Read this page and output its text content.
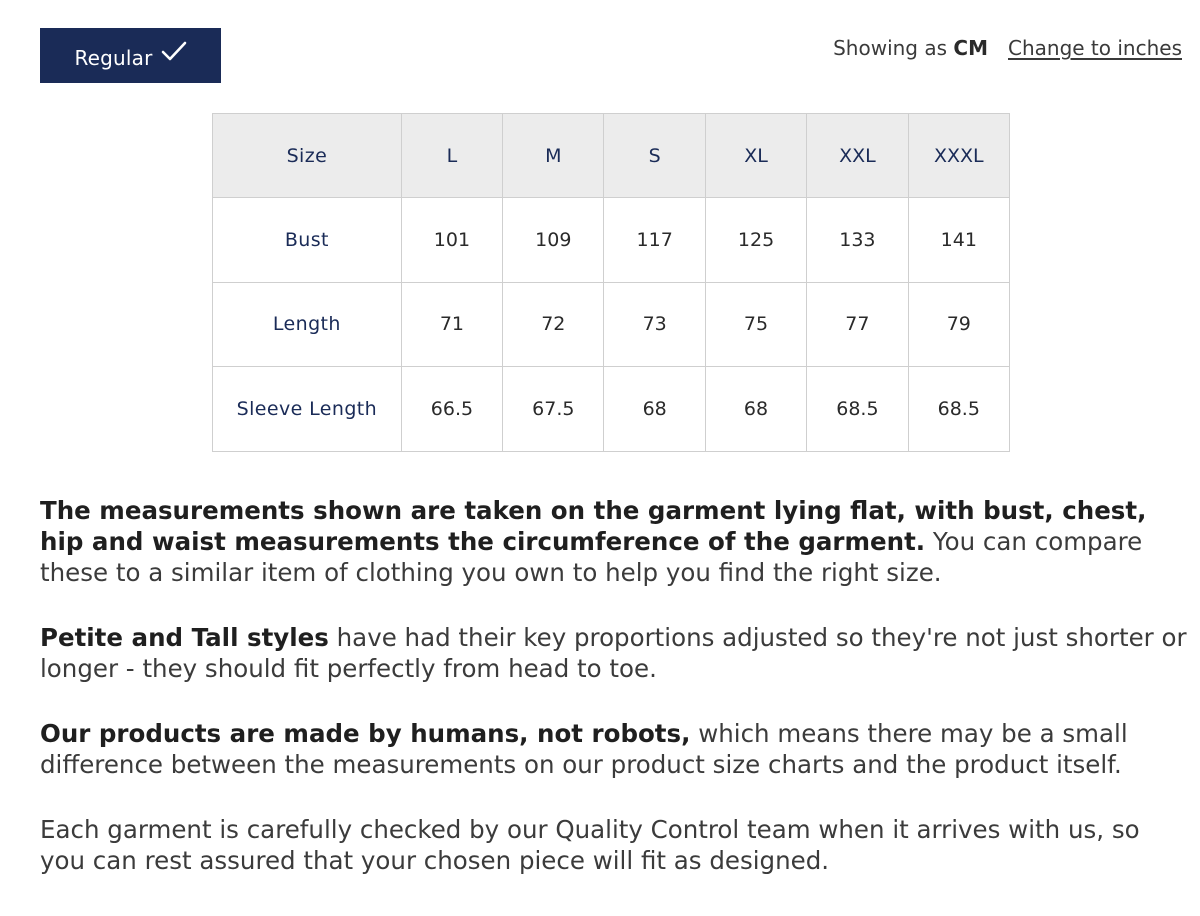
Regular	Showing as CM Change to inches
Size	L	M	S	XL	XXL	XXXL
Bust	101	109	117	125	133	141
Length	71	72	73	75	77	79
Sleeve Length	66.5	67.5	68	68	68.5	68.5

The measurements shown are taken on the garment lying flat, with bust, chest, hip and waist measurements the circumference of the garment. You can compare these to a similar item of clothing you own to help you find the right size.

Petite and Tall styles have had their key proportions adjusted so they're not just shorter or longer - they should fit perfectly from head to toe.

Our products are made by humans, not robots, which means there may be a small difference between the measurements on our product size charts and the product itself.

Each garment is carefully checked by our Quality Control team when it arrives with us, so you can rest assured that your chosen piece will fit as designed.
